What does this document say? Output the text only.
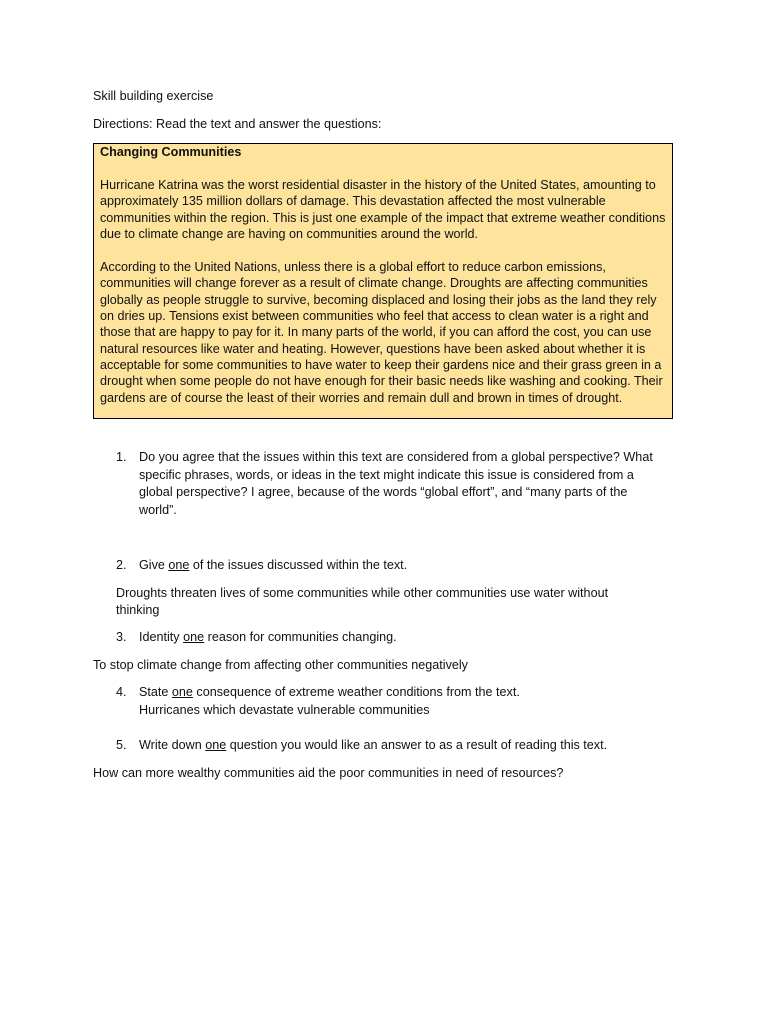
Skill building exercise
Directions: Read the text and answer the questions:
Changing Communities

Hurricane Katrina was the worst residential disaster in the history of the United States, amounting to approximately 135 million dollars of damage. This devastation affected the most vulnerable communities within the region. This is just one example of the impact that extreme weather conditions due to climate change are having on communities around the world.

According to the United Nations, unless there is a global effort to reduce carbon emissions, communities will change forever as a result of climate change. Droughts are affecting communities globally as people struggle to survive, becoming displaced and losing their jobs as the land they rely on dries up. Tensions exist between communities who feel that access to clean water is a right and those that are happy to pay for it. In many parts of the world, if you can afford the cost, you can use natural resources like water and heating. However, questions have been asked about whether it is acceptable for some communities to have water to keep their gardens nice and their grass green in a drought when some people do not have enough for their basic needs like washing and cooking. Their gardens are of course the least of their worries and remain dull and brown in times of drought.

1. Do you agree that the issues within this text are considered from a global perspective? What
specific phrases, words, or ideas in the text might indicate this issue is considered from a
global perspective? I agree, because of the words “global effort”, and “many parts of the
world”.
2. Give one of the issues discussed within the text.
Droughts threaten lives of some communities while other communities use water without
thinking
3. Identity one reason for communities changing.
To stop climate change from affecting other communities negatively
4. State one consequence of extreme weather conditions from the text.
Hurricanes which devastate vulnerable communities
5. Write down one question you would like an answer to as a result of reading this text.
How can more wealthy communities aid the poor communities in need of resources?
